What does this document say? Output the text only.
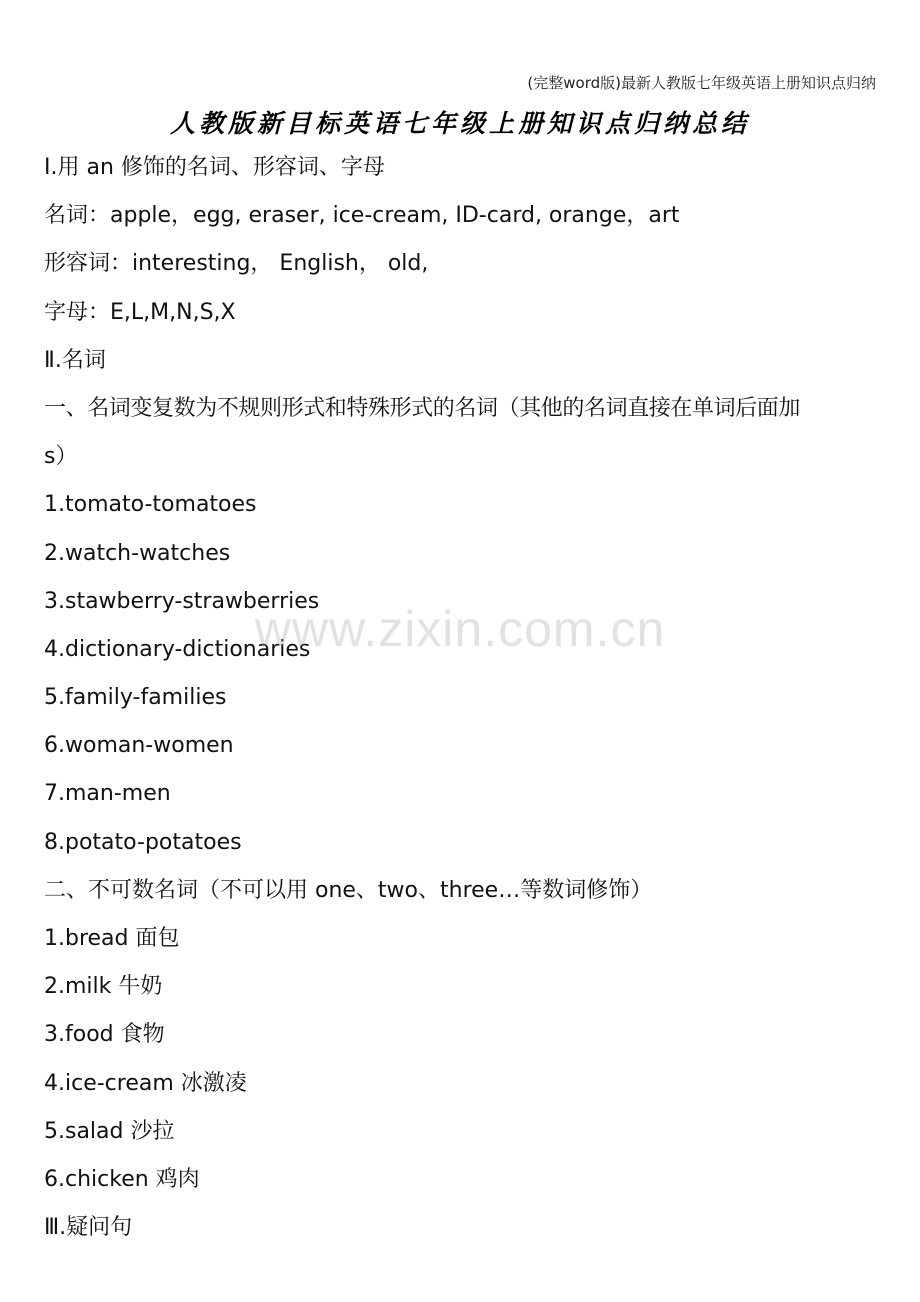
(完整word版)最新人教版七年级英语上册知识点归纳
人教版新目标英语七年级上册知识点归纳总结
Ⅰ.用 an 修饰的名词、形容词、字母
名词：apple，egg, eraser, ice-cream, ID-card, orange，art
形容词：interesting， English， old,
字母：E,L,M,N,S,X
Ⅱ.名词
一、名词变复数为不规则形式和特殊形式的名词（其他的名词直接在单词后面加
s）
1.tomato-tomatoes
2.watch-watches
3.stawberry-strawberries
4.dictionary-dictionaries
5.family-families
6.woman-women
7.man-men
8.potato-potatoes
二、不可数名词（不可以用 one、two、three…等数词修饰）
1.bread 面包
2.milk 牛奶
3.food 食物
4.ice-cream 冰激凌
5.salad 沙拉
6.chicken 鸡肉
Ⅲ.疑问句
www.zixin.com.cn
